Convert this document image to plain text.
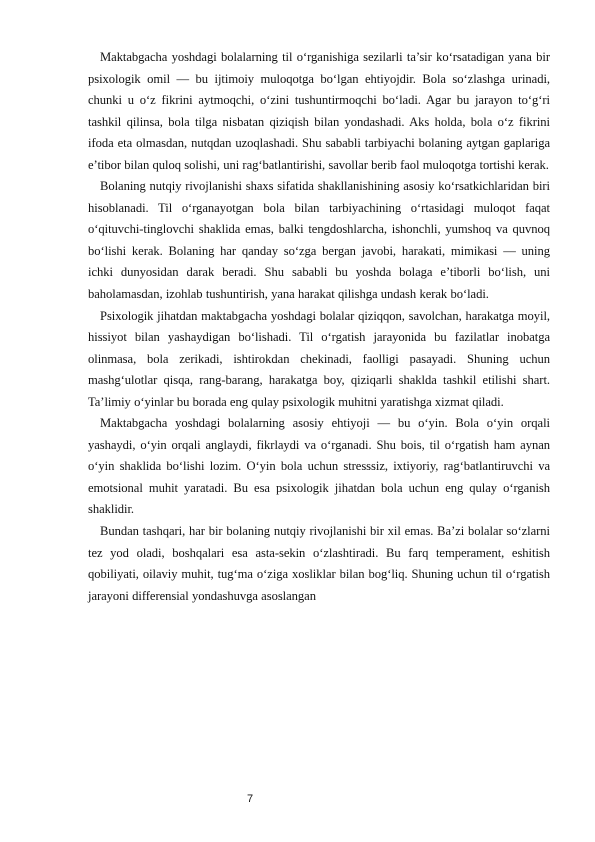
Maktabgacha yoshdagi bolalarning til o‘rganishiga sezilarli ta’sir ko‘rsatadigan yana bir psixologik omil — bu ijtimoiy muloqotga bo‘lgan ehtiyojdir. Bola so‘zlashga urinadi, chunki u o‘z fikrini aytmoqchi, o‘zini tushuntirmoqchi bo‘ladi. Agar bu jarayon to‘g‘ri tashkil qilinsa, bola tilga nisbatan qiziqish bilan yondashadi. Aks holda, bola o‘z fikrini ifoda eta olmasdan, nutqdan uzoqlashadi. Shu sababli tarbiyachi bolaning aytgan gaplariga e’tibor bilan quloq solishi, uni rag‘batlantirishi, savollar berib faol muloqotga tortishi kerak.

Bolaning nutqiy rivojlanishi shaxs sifatida shakllanishining asosiy ko‘rsatkichlaridan biri hisoblanadi. Til o‘rganayotgan bola bilan tarbiyachining o‘rtasidagi muloqot faqat o‘qituvchi-tinglovchi shaklida emas, balki tengdoshlarcha, ishonchli, yumshoq va quvnoq bo‘lishi kerak. Bolaning har qanday so‘zga bergan javobi, harakati, mimikasi — uning ichki dunyosidan darak beradi. Shu sababli bu yoshda bolaga e’tiborli bo‘lish, uni baholamasdan, izohlab tushuntirish, yana harakat qilishga undash kerak bo‘ladi.

Psixologik jihatdan maktabgacha yoshdagi bolalar qiziqqon, savolchan, harakatga moyil, hissiyot bilan yashaydigan bo‘lishadi. Til o‘rgatish jarayonida bu fazilatlar inobatga olinmasa, bola zerikadi, ishtirokdan chekinadi, faolligi pasayadi. Shuning uchun mashg‘ulotlar qisqa, rang-barang, harakatga boy, qiziqarli shaklda tashkil etilishi shart. Ta’limiy o‘yinlar bu borada eng qulay psixologik muhitni yaratishga xizmat qiladi.

Maktabgacha yoshdagi bolalarning asosiy ehtiyoji — bu o‘yin. Bola o‘yin orqali yashaydi, o‘yin orqali anglaydi, fikrlaydi va o‘rganadi. Shu bois, til o‘rgatish ham aynan o‘yin shaklida bo‘lishi lozim. O‘yin bola uchun stresssiz, ixtiyoriy, rag‘batlantiruvchi va emotsional muhit yaratadi. Bu esa psixologik jihatdan bola uchun eng qulay o‘rganish shaklidir.

Bundan tashqari, har bir bolaning nutqiy rivojlanishi bir xil emas. Ba’zi bolalar so‘zlarni tez yod oladi, boshqalari esa asta-sekin o‘zlashtiradi. Bu farq temperament, eshitish qobiliyati, oilaviy muhit, tug‘ma o‘ziga xosliklar bilan bog‘liq. Shuning uchun til o‘rgatish jarayoni differensial yondashuvga asoslangan

7
